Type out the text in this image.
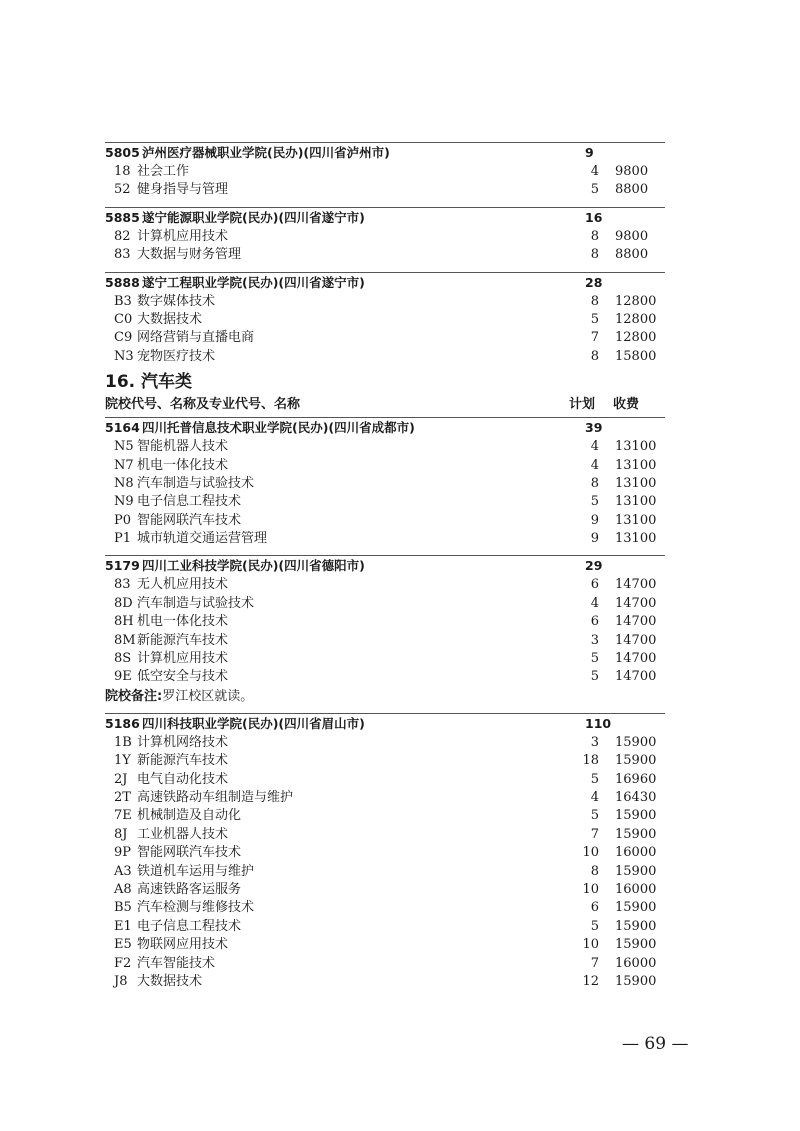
5805 泸州医疗器械职业学院(民办)(四川省泸州市)	9
18 社会工作	4 9800
52 健身指导与管理	5 8800
5885 遂宁能源职业学院(民办)(四川省遂宁市)	16
82 计算机应用技术	8 9800
83 大数据与财务管理	8 8800
5888 遂宁工程职业学院(民办)(四川省遂宁市)	28
B3 数字媒体技术	8 12800
C0 大数据技术	5 12800
C9 网络营销与直播电商	7 12800
N3 宠物医疗技术	8 15800
16. 汽车类
院校代号、名称及专业代号、名称	计划 收费
5164 四川托普信息技术职业学院(民办)(四川省成都市)	39
N5 智能机器人技术	4 13100
N7 机电一体化技术	4 13100
N8 汽车制造与试验技术	8 13100
N9 电子信息工程技术	5 13100
P0 智能网联汽车技术	9 13100
P1 城市轨道交通运营管理	9 13100
5179 四川工业科技学院(民办)(四川省德阳市)	29
83 无人机应用技术	6 14700
8D 汽车制造与试验技术	4 14700
8H 机电一体化技术	6 14700
8M 新能源汽车技术	3 14700
8S 计算机应用技术	5 14700
9E 低空安全与技术	5 14700
院校备注:罗江校区就读。
5186 四川科技职业学院(民办)(四川省眉山市)	110
1B 计算机网络技术	3 15900
1Y 新能源汽车技术	18 15900
2J 电气自动化技术	5 16960
2T 高速铁路动车组制造与维护	4 16430
7E 机械制造及自动化	5 15900
8J 工业机器人技术	7 15900
9P 智能网联汽车技术	10 16000
A3 铁道机车运用与维护	8 15900
A8 高速铁路客运服务	10 16000
B5 汽车检测与维修技术	6 15900
E1 电子信息工程技术	5 15900
E5 物联网应用技术	10 15900
F2 汽车智能技术	7 16000
J8 大数据技术	12 15900
— 69 —
